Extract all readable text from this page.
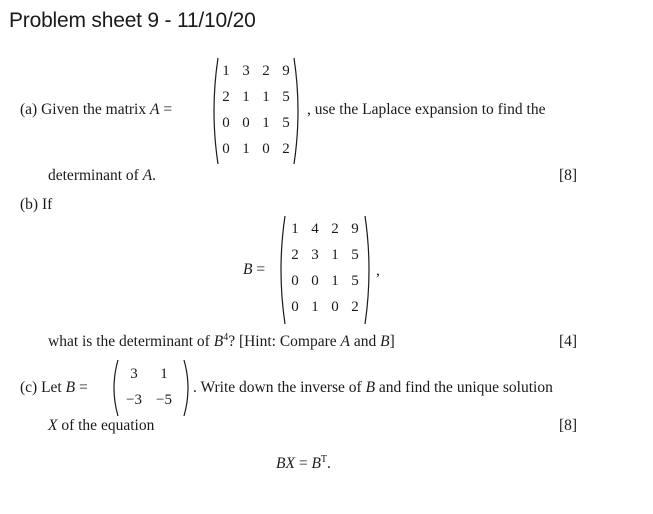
Problem sheet 9 - 11/10/20
(a) Given the matrix A =
1 3 2 9
2 1 1 5
0 0 1 5
0 1 0 2
, use the Laplace expansion to find the
determinant of A.	[8]
(b) If
B =
1 4 2 9
2 3 1 5
0 0 1 5
0 1 0 2
,
what is the determinant of $B^4$? [Hint: Compare A and B]	[4]
(c) Let B =
3	1
−3 −5
. Write down the inverse of B and find the unique solution
X of the equation	[8]
BX = $B^T$.
